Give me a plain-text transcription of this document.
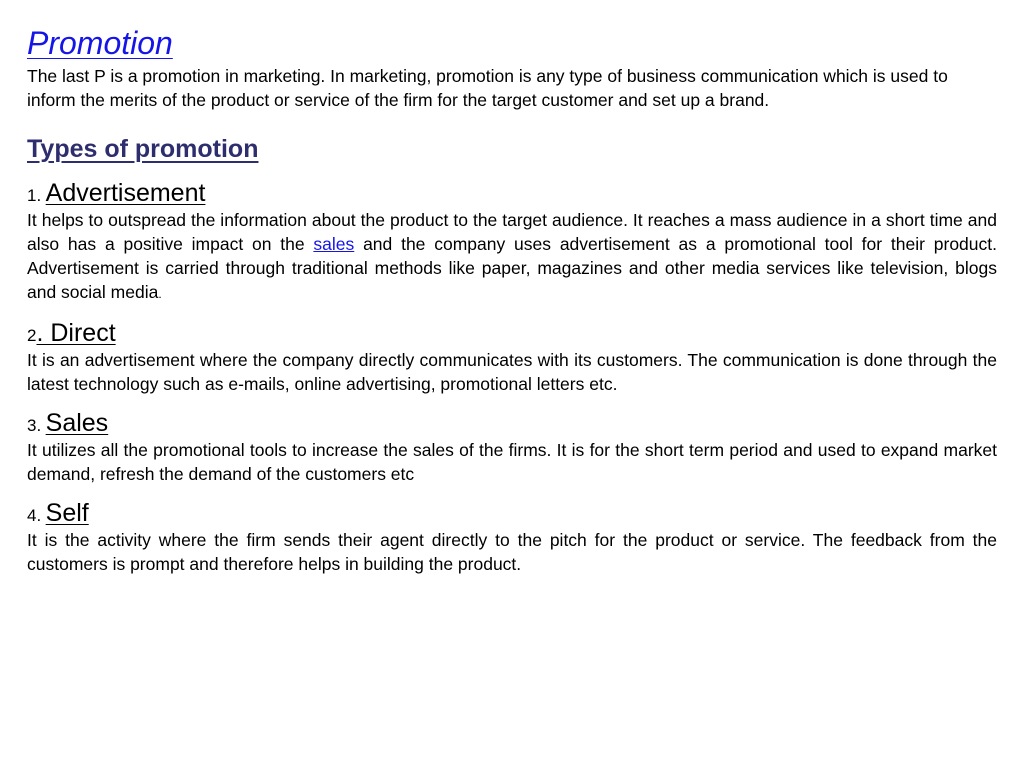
Promotion

The last P is a promotion in marketing. In marketing, promotion is any type of business communication which is used to inform the merits of the product or service of the firm for the target customer and set up a brand.

Types of promotion
1. Advertisement

It helps to outspread the information about the product to the target audience. It reaches a mass audience in a short time and also has a positive impact on the sales and the company uses advertisement as a promotional tool for their product. Advertisement is carried through traditional methods like paper, magazines and other media services like television, blogs and social media.

2. Direct

It is an advertisement where the company directly communicates with its customers. The communication is done through the latest technology such as e-mails, online advertising, promotional letters etc.

3. Sales

It utilizes all the promotional tools to increase the sales of the firms. It is for the short term period and used to expand market demand, refresh the demand of the customers etc

4. Self

It is the activity where the firm sends their agent directly to the pitch for the product or service. The feedback from the customers is prompt and therefore helps in building the product.
